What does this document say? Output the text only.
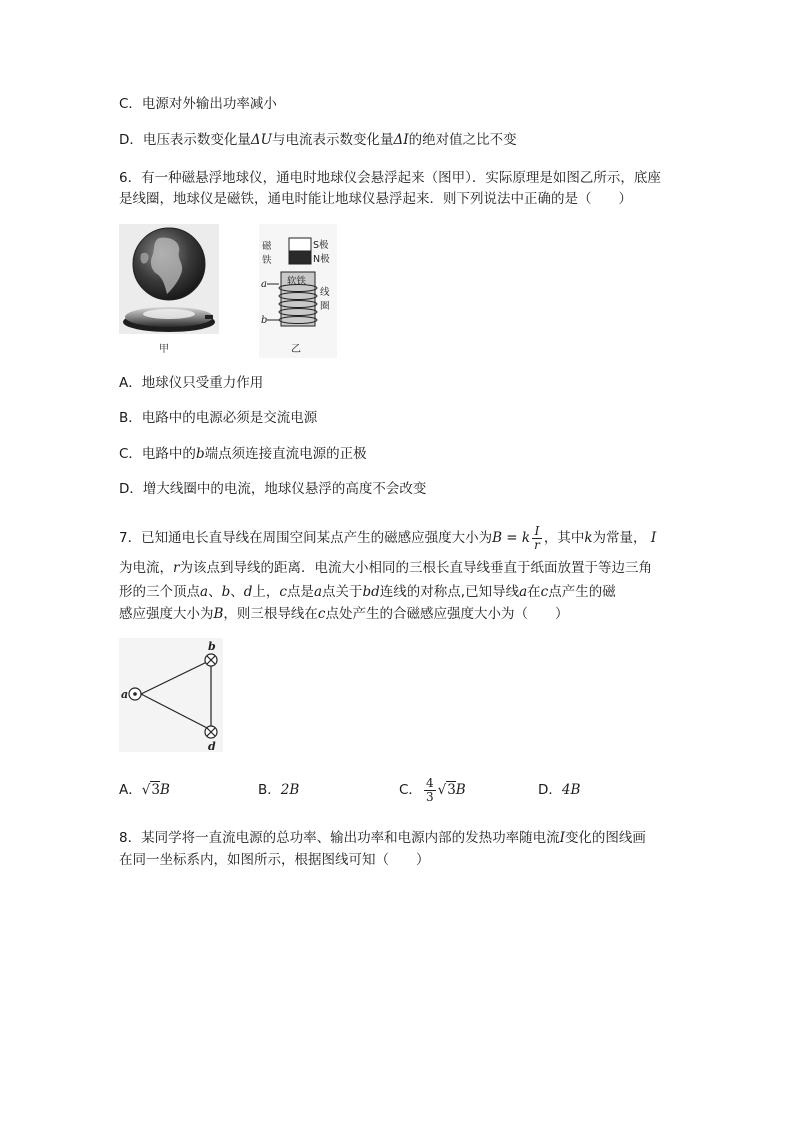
C．电源对外输出功率减小
D．电压表示数变化量ΔU与电流表示数变化量ΔI的绝对值之比不变
6．有一种磁悬浮地球仪，通电时地球仪会悬浮起来（图甲）．实际原理是如图乙所示，底座
是线圈，地球仪是磁铁，通电时能让地球仪悬浮起来．则下列说法中正确的是（　　）
甲
磁
铁
S极
N极
软铁
a
b
线
圈
乙
A．地球仪只受重力作用
B．电路中的电源必须是交流电源
C．电路中的b端点须连接直流电源的正极
D．增大线圈中的电流，地球仪悬浮的高度不会改变
7．已知通电长直导线在周围空间某点产生的磁感应强度大小为B = k $\frac{I}{r}$ ，其中k为常量， I
为电流，r为该点到导线的距离．电流大小相同的三根长直导线垂直于纸面放置于等边三角
形的三个顶点a、b、d上，c点是a点关于bd连线的对称点,已知导线a在c点产生的磁
感应强度大小为B，则三根导线在c点处产生的合磁感应强度大小为（　　）
a
b
d
A．√3B	B．2B	C． $\frac{4}{3} √3B$	D．4B
8．某同学将一直流电源的总功率、输出功率和电源内部的发热功率随电流I变化的图线画
在同一坐标系内，如图所示，根据图线可知（　　）
